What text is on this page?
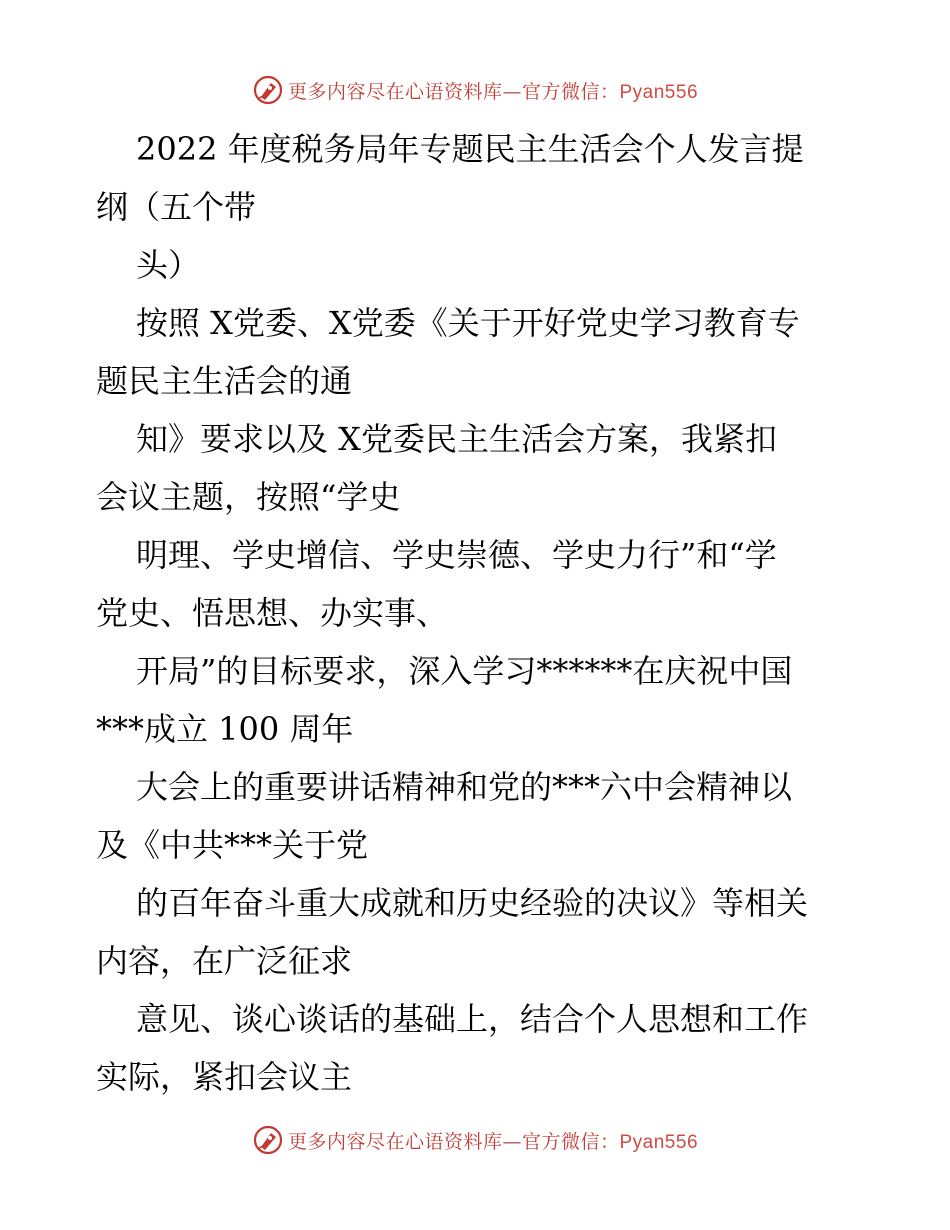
更多内容尽在心语资料库—官方微信：Pyan556
2022 年度税务局年专题民主生活会个人发言提
纲（五个带
头）
按照 X党委、X党委《关于开好党史学习教育专
题民主生活会的通
知》要求以及 X党委民主生活会方案，我紧扣
会议主题，按照“学史
明理、学史增信、学史崇德、学史力行”和“学
党史、悟思想、办实事、
开局”的目标要求，深入学习******在庆祝中国
***成立 100 周年
大会上的重要讲话精神和党的***六中会精神以
及《中共***关于党
的百年奋斗重大成就和历史经验的决议》等相关
内容，在广泛征求
意见、谈心谈话的基础上，结合个人思想和工作
实际，紧扣会议主
更多内容尽在心语资料库—官方微信：Pyan556
